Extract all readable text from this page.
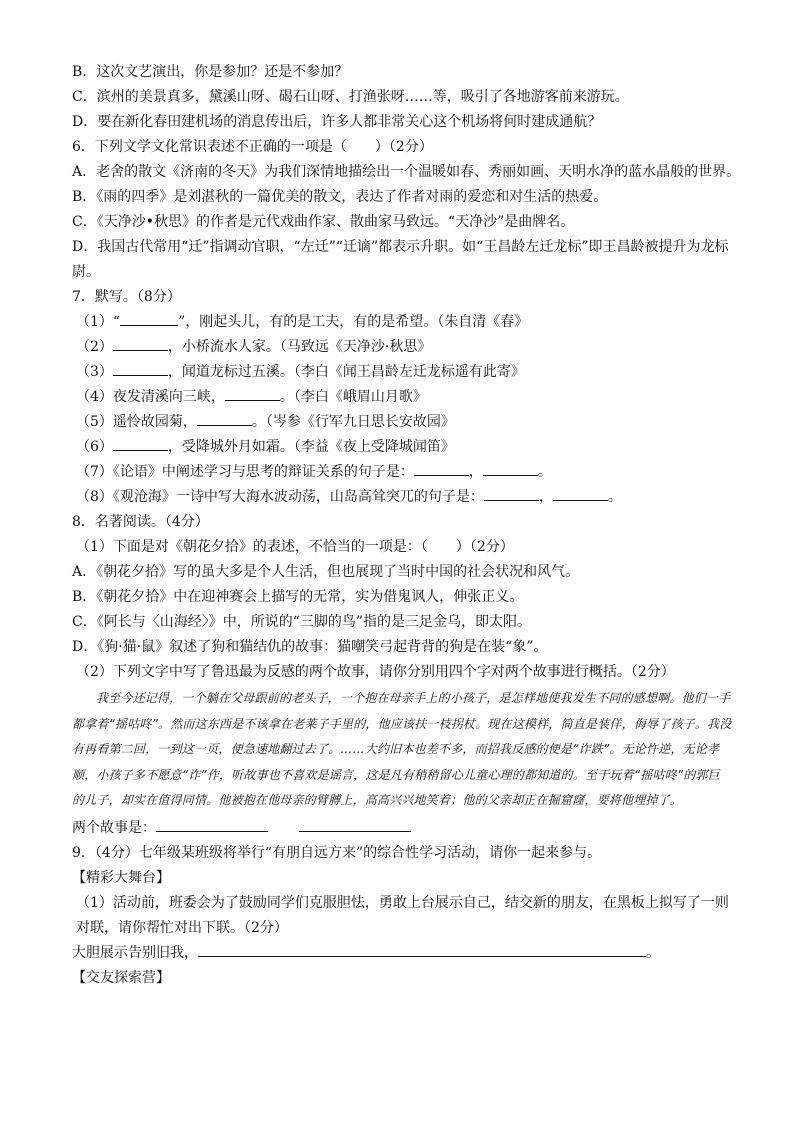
B．这次文艺演出，你是参加？还是不参加？
C．滨州的美景真多，黛溪山呀、碣石山呀、打渔张呀……等，吸引了各地游客前来游玩。
D．要在新化春田建机场的消息传出后，许多人都非常关心这个机场将何时建成通航？
6．下列文学文化常识表述不正确的一项是（　　）（2分）
A．老舍的散文《济南的冬天》为我们深情地描绘出一个温暖如春、秀丽如画、天明水净的蓝水晶般的世界。
B．《雨的四季》是刘湛秋的一篇优美的散文，表达了作者对雨的爱恋和对生活的热爱。
C．《天净沙•秋思》的作者是元代戏曲作家、散曲家马致远。“天净沙”是曲牌名。
D．我国古代常用“迁”指调动官职，“左迁”“迁谪”都表示升职。如“王昌龄左迁龙标”即王昌龄被提升为龙标尉。
7．默写。（8分）
（1）“	”，刚起头儿，有的是工夫，有的是希望。（朱自清《春》
（2）	，小桥流水人家。（马致远《天净沙·秋思》
（3）	，闻道龙标过五溪。（李白《闻王昌龄左迁龙标遥有此寄》
（4）夜发清溪向三峡，	。（李白《峨眉山月歌》
（5）遥怜故园菊，	。（岑参《行军九日思长安故园》
（6）	，受降城外月如霜。（李益《夜上受降城闻笛》
（7）《论语》中阐述学习与思考的辩证关系的句子是：	，	。
（8）《观沧海》一诗中写大海水波动荡，山岛高耸突兀的句子是：	，	。
8．名著阅读。（4分）
（1）下面是对《朝花夕拾》的表述，不恰当的一项是：（　　）（2分）
A．《朝花夕拾》写的虽大多是个人生活，但也展现了当时中国的社会状况和风气。
B．《朝花夕拾》中在迎神赛会上描写的无常，实为借鬼讽人，伸张正义。
C．《阿长与〈山海经〉》中，所说的“三脚的鸟”指的是三足金乌，即太阳。
D．《狗·猫·鼠》叙述了狗和猫结仇的故事：猫嘲笑弓起背背的狗是在装“象”。
（2）下列文字中写了鲁迅最为反感的两个故事，请你分别用四个字对两个故事进行概括。（2分）
我至今还记得，一个躺在父母跟前的老头子，一个抱在母亲手上的小孩子，是怎样地使我发生不同的感想啊。他们一手都拿着“摇咕咚”。然而这东西是不该拿在老莱子手里的，他应该扶一枝拐杖。现在这模样，简直是装佯，侮辱了孩子。我没有再看第二回，一到这一页，便急速地翻过去了。……大约旧本也差不多，而招我反感的便是“诈跌”。无论忤逆，无论孝顺，小孩子多不愿意“诈”作，听故事也不喜欢是谣言，这是凡有稍稍留心儿童心理的都知道的。至于玩着“摇咕咚”的郭巨的儿子，却实在值得同情。他被抱在他母亲的臂膊上，高高兴兴地笑着；他的父亲却正在掘窟窿，要将他埋掉了。
两个故事是：
9．（4分）七年级某班级将举行“有朋自远方来”的综合性学习活动，请你一起来参与。
【精彩大舞台】
（1）活动前，班委会为了鼓励同学们克服胆怯，勇敢上台展示自己，结交新的朋友，在黑板上拟写了一则对联，请你帮忙对出下联。（2分）
大胆展示告别旧我，	。
【交友探索营】
